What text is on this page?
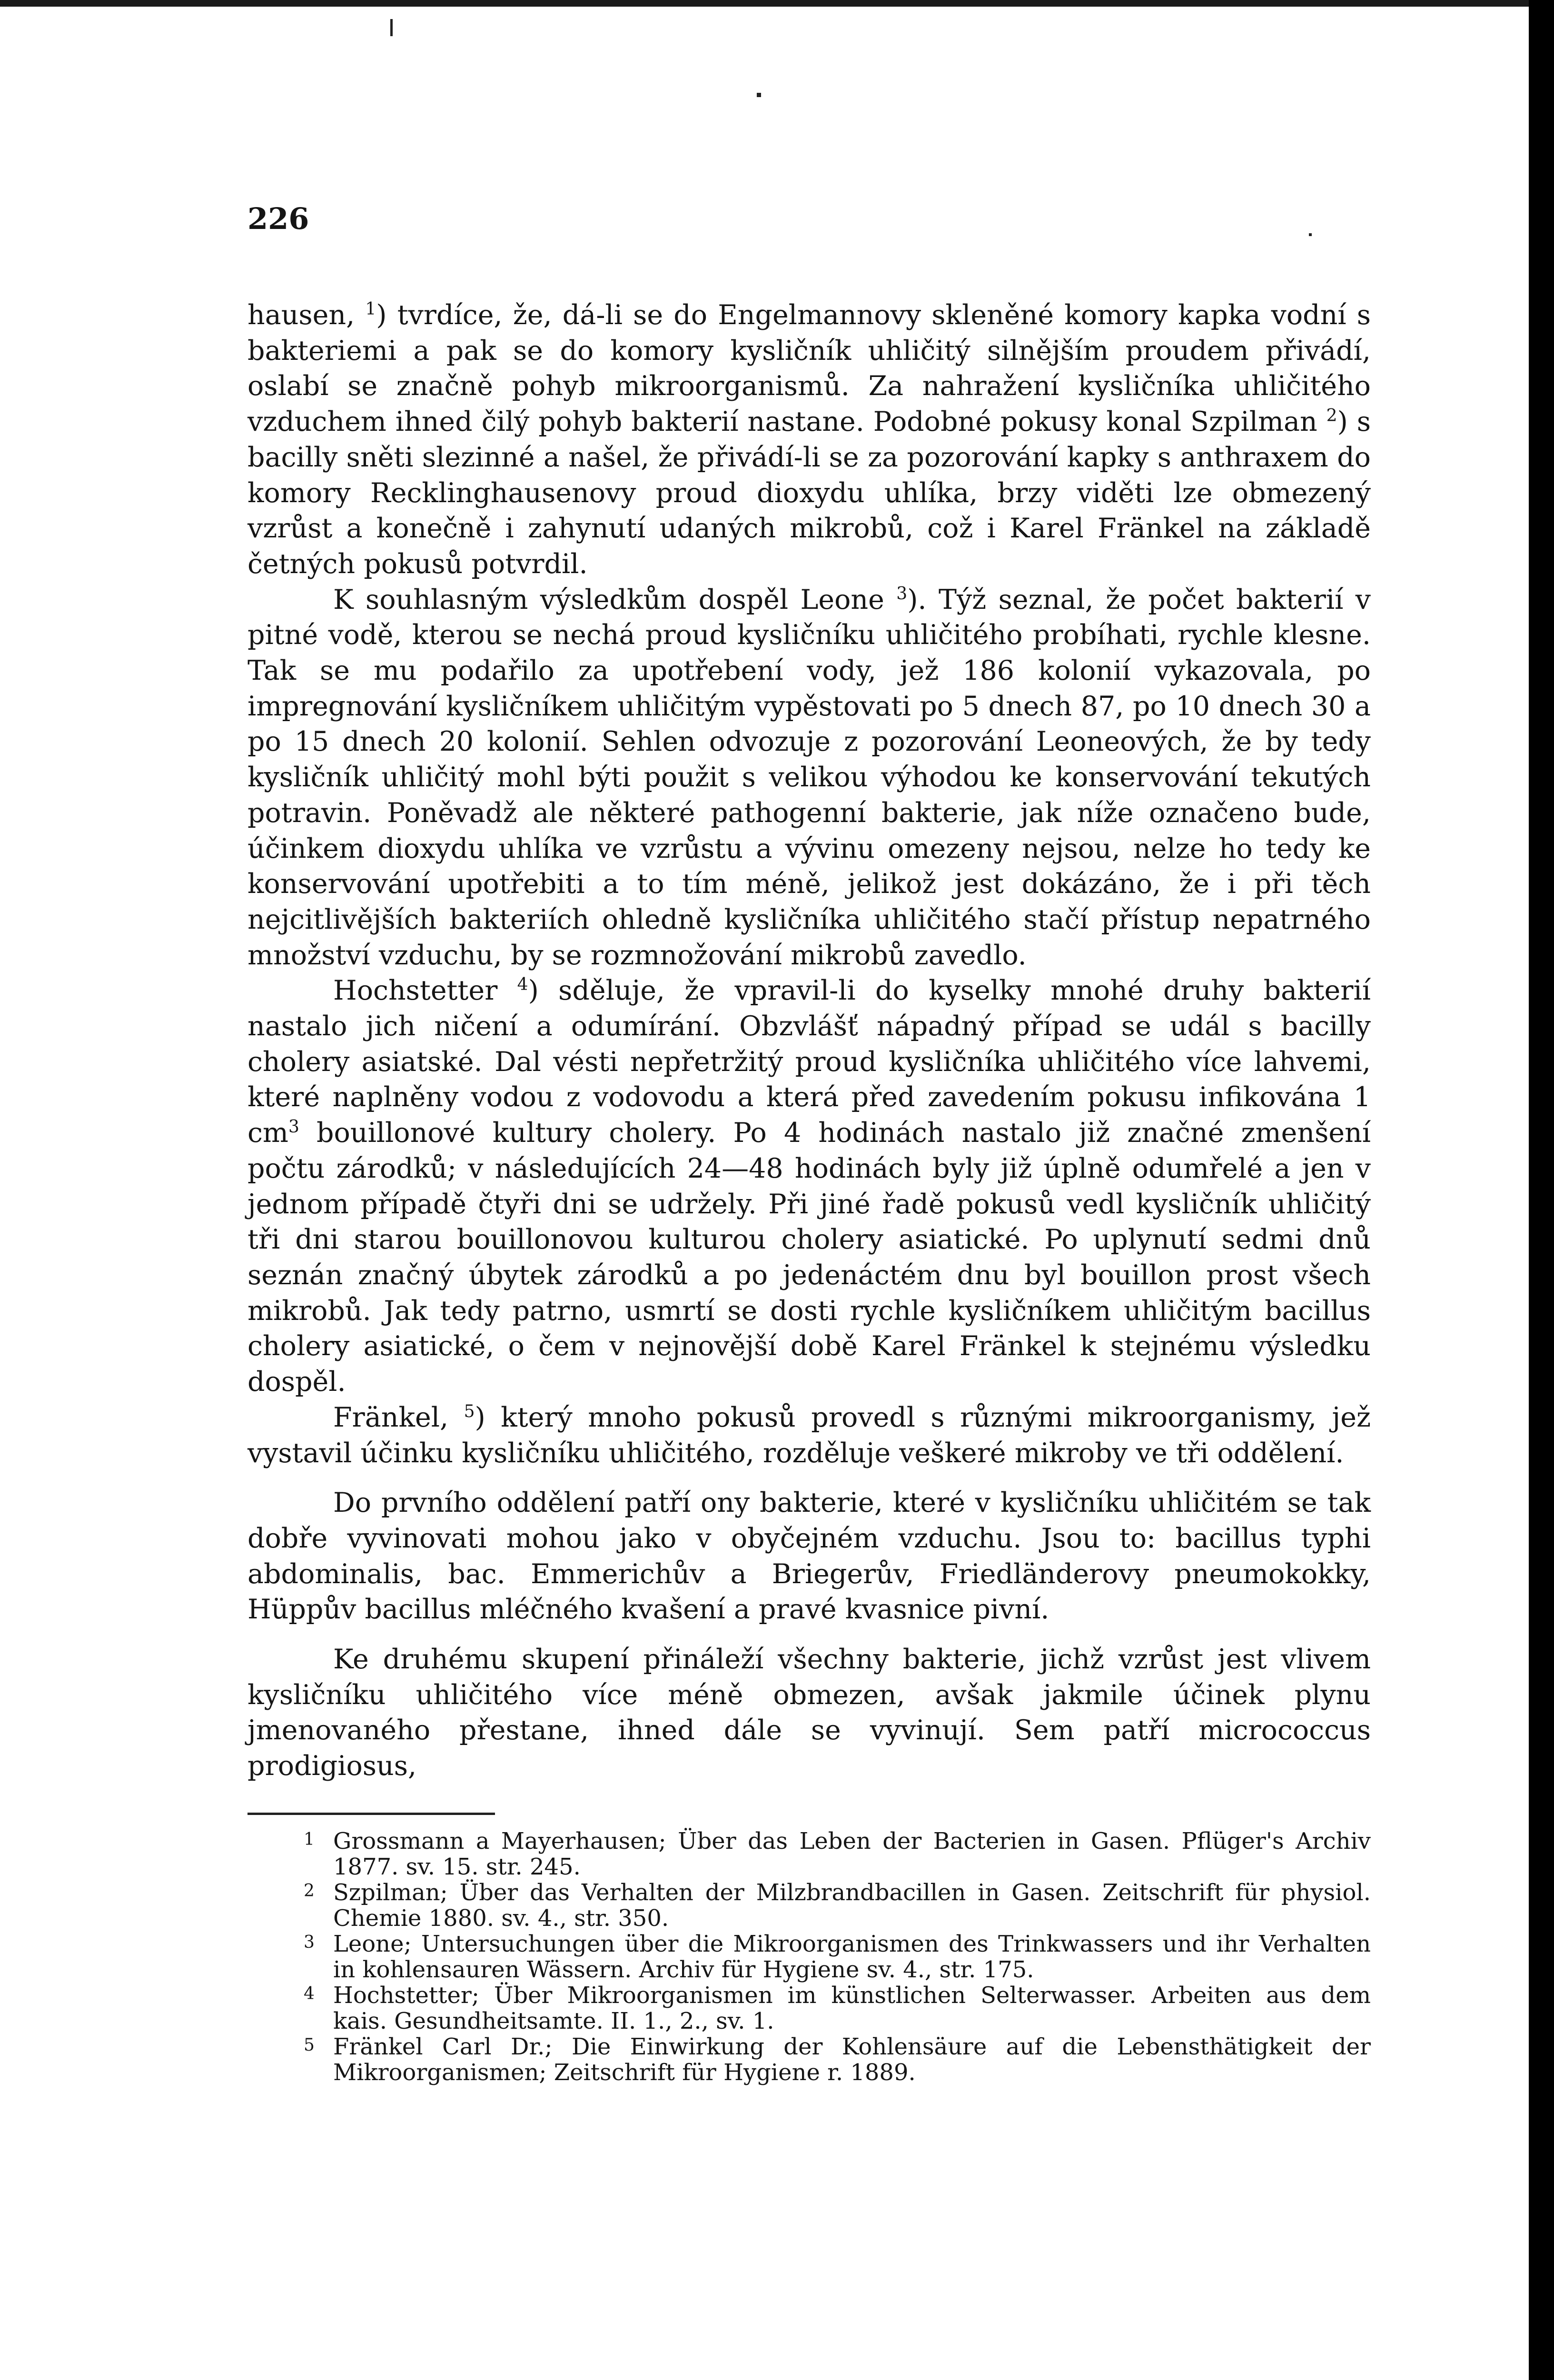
226

hausen, $^1$) tvrdíce, že, dá-li se do Engelmannovy skleněné komory kapka vodní s bakteriemi a pak se do komory kysličník uhličitý silnějším proudem přivádí, oslabí se značně pohyb mikroorganismů. Za nahražení kysličníka uhličitého vzduchem ihned čilý pohyb bakterií nastane. Podobné pokusy konal Szpilman $^2$) s bacilly sněti slezinné a našel, že přivádí-li se za pozorování kapky s anthraxem do komory Recklinghausenovy proud dioxydu uhlíka, brzy viděti lze obmezený vzrůst a konečně i zahynutí udaných mikrobů, což i Karel Fränkel na základě četných pokusů potvrdil.

K souhlasným výsledkům dospěl Leone $^3$). Týž seznal, že počet bakterií v pitné vodě, kterou se nechá proud kysličníku uhličitého probíhati, rychle klesne. Tak se mu podařilo za upotřebení vody, jež 186 kolonií vykazovala, po impregnování kysličníkem uhličitým vypěstovati po 5 dnech 87, po 10 dnech 30 a po 15 dnech 20 kolonií. Sehlen odvozuje z pozorování Leoneových, že by tedy kysličník uhličitý mohl býti použit s velikou výhodou ke konservování tekutých potravin. Poněvadž ale některé pathogenní bakterie, jak níže označeno bude, účinkem dioxydu uhlíka ve vzrůstu a vývinu omezeny nejsou, nelze ho tedy ke konservování upotřebiti a to tím méně, jelikož jest dokázáno, že i při těch nejcitlivějších bakteriích ohledně kysličníka uhličitého stačí přístup nepatrného množství vzduchu, by se rozmnožování mikrobů zavedlo.

Hochstetter $^4$) sděluje, že vpravil-li do kyselky mnohé druhy bakterií nastalo jich ničení a odumírání. Obzvlášť nápadný případ se udál s bacilly cholery asiatské. Dal vésti nepřetržitý proud kysličníka uhličitého více lahvemi, které naplněny vodou z vodovodu a která před zavedením pokusu infikována 1 $cm^3$ bouillonové kultury cholery. Po 4 hodinách nastalo již značné zmenšení počtu zárodků; v následujících 24—48 hodinách byly již úplně odumřelé a jen v jednom případě čtyři dni se udržely. Při jiné řadě pokusů vedl kysličník uhličitý tři dni starou bouillonovou kulturou cholery asiatické. Po uplynutí sedmi dnů seznán značný úbytek zárodků a po jedenáctém dnu byl bouillon prost všech mikrobů. Jak tedy patrno, usmrtí se dosti rychle kysličníkem uhličitým bacillus cholery asiatické, o čem v nejnovější době Karel Fränkel k stejnému výsledku dospěl.

Fränkel, $^5$) který mnoho pokusů provedl s různými mikroorganismy, jež vystavil účinku kysličníku uhličitého, rozděluje veškeré mikroby ve tři oddělení.

Do prvního oddělení patří ony bakterie, které v kysličníku uhličitém se tak dobře vyvinovati mohou jako v obyčejném vzduchu. Jsou to: bacillus typhi abdominalis, bac. Emmerichův a Briegerův, Friedländerovy pneumokokky, Hüppův bacillus mléčného kvašení a pravé kvasnice pivní.

Ke druhému skupení přináleží všechny bakterie, jichž vzrůst jest vlivem kysličníku uhličitého více méně obmezen, avšak jakmile účinek plynu jmenovaného přestane, ihned dále se vyvinují. Sem patří micrococcus prodigiosus,

1 Grossmann a Mayerhausen; Über das Leben der Bacterien in Gasen. Pflüger's Archiv 1877. sv. 15. str. 245.

2 Szpilman; Über das Verhalten der Milzbrandbacillen in Gasen. Zeitschrift für physiol. Chemie 1880. sv. 4., str. 350.

3 Leone; Untersuchungen über die Mikroorganismen des Trinkwassers und ihr Verhalten in kohlensauren Wässern. Archiv für Hygiene sv. 4., str. 175.

4 Hochstetter; Über Mikroorganismen im künstlichen Selterwasser. Arbeiten aus dem kais. Gesundheitsamte. II. 1., 2., sv. 1.

5 Fränkel Carl Dr.; Die Einwirkung der Kohlensäure auf die Lebensthätigkeit der Mikroorganismen; Zeitschrift für Hygiene r. 1889.
